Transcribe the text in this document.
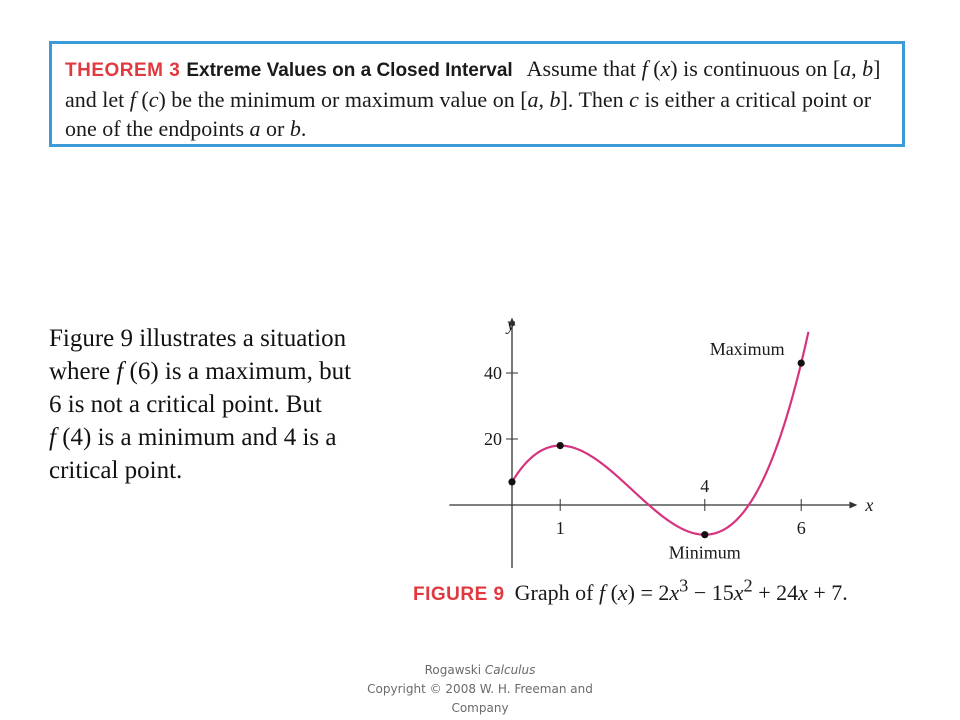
THEOREM 3 Extreme Values on a Closed Interval Assume that f (x) is continuous on [a, b] and let f (c) be the minimum or maximum value on [a, b]. Then c is either a critical point or one of the endpoints a or b.
Figure 9 illustrates a situation
where f (6) is a maximum, but
6 is not a critical point. But
f (4) is a minimum and 4 is a
critical point.
y
x
1	6
4
20
40
Maximum
Minimum
FIGURE 9 Graph of f $(x) = 2x^3 - 15x^2 + 24x + 7$.
Rogawski Calculus
Copyright © 2008 W. H. Freeman and Company
